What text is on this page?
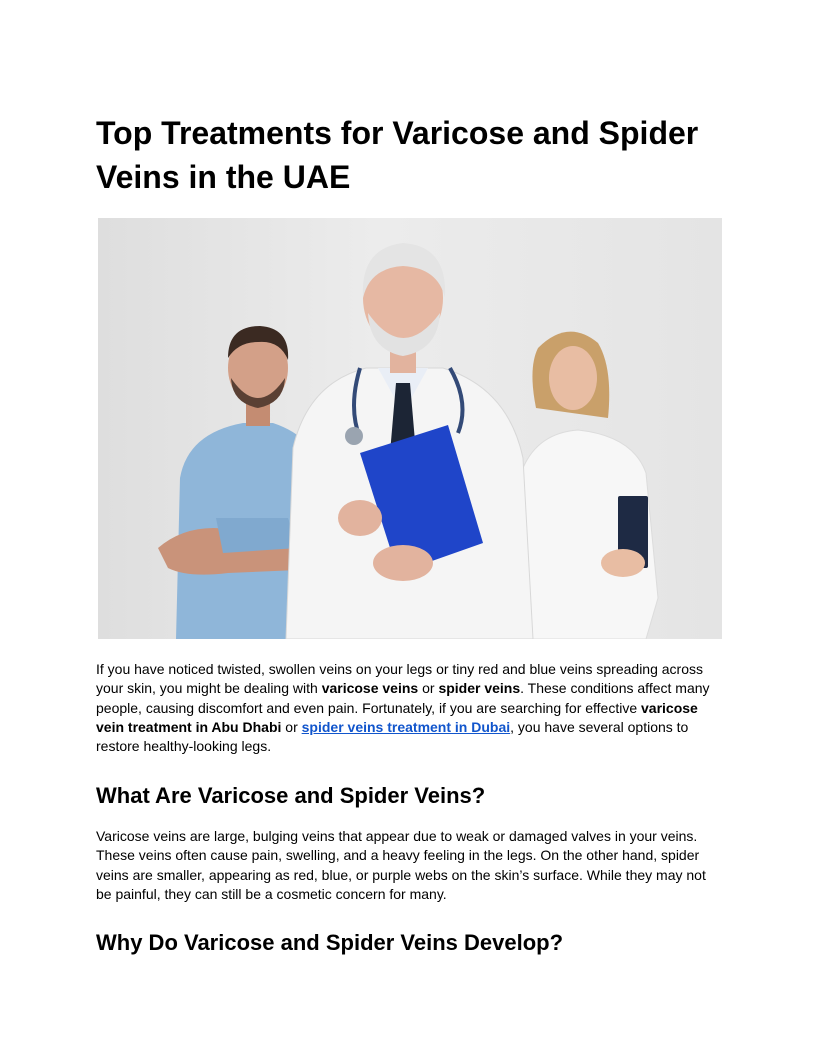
Top Treatments for Varicose and Spider Veins in the UAE

If you have noticed twisted, swollen veins on your legs or tiny red and blue veins spreading across your skin, you might be dealing with varicose veins or spider veins. These conditions affect many people, causing discomfort and even pain. Fortunately, if you are searching for effective varicose vein treatment in Abu Dhabi or spider veins treatment in Dubai, you have several options to restore healthy-looking legs.

What Are Varicose and Spider Veins?

Varicose veins are large, bulging veins that appear due to weak or damaged valves in your veins. These veins often cause pain, swelling, and a heavy feeling in the legs. On the other hand, spider veins are smaller, appearing as red, blue, or purple webs on the skin’s surface. While they may not be painful, they can still be a cosmetic concern for many.

Why Do Varicose and Spider Veins Develop?
